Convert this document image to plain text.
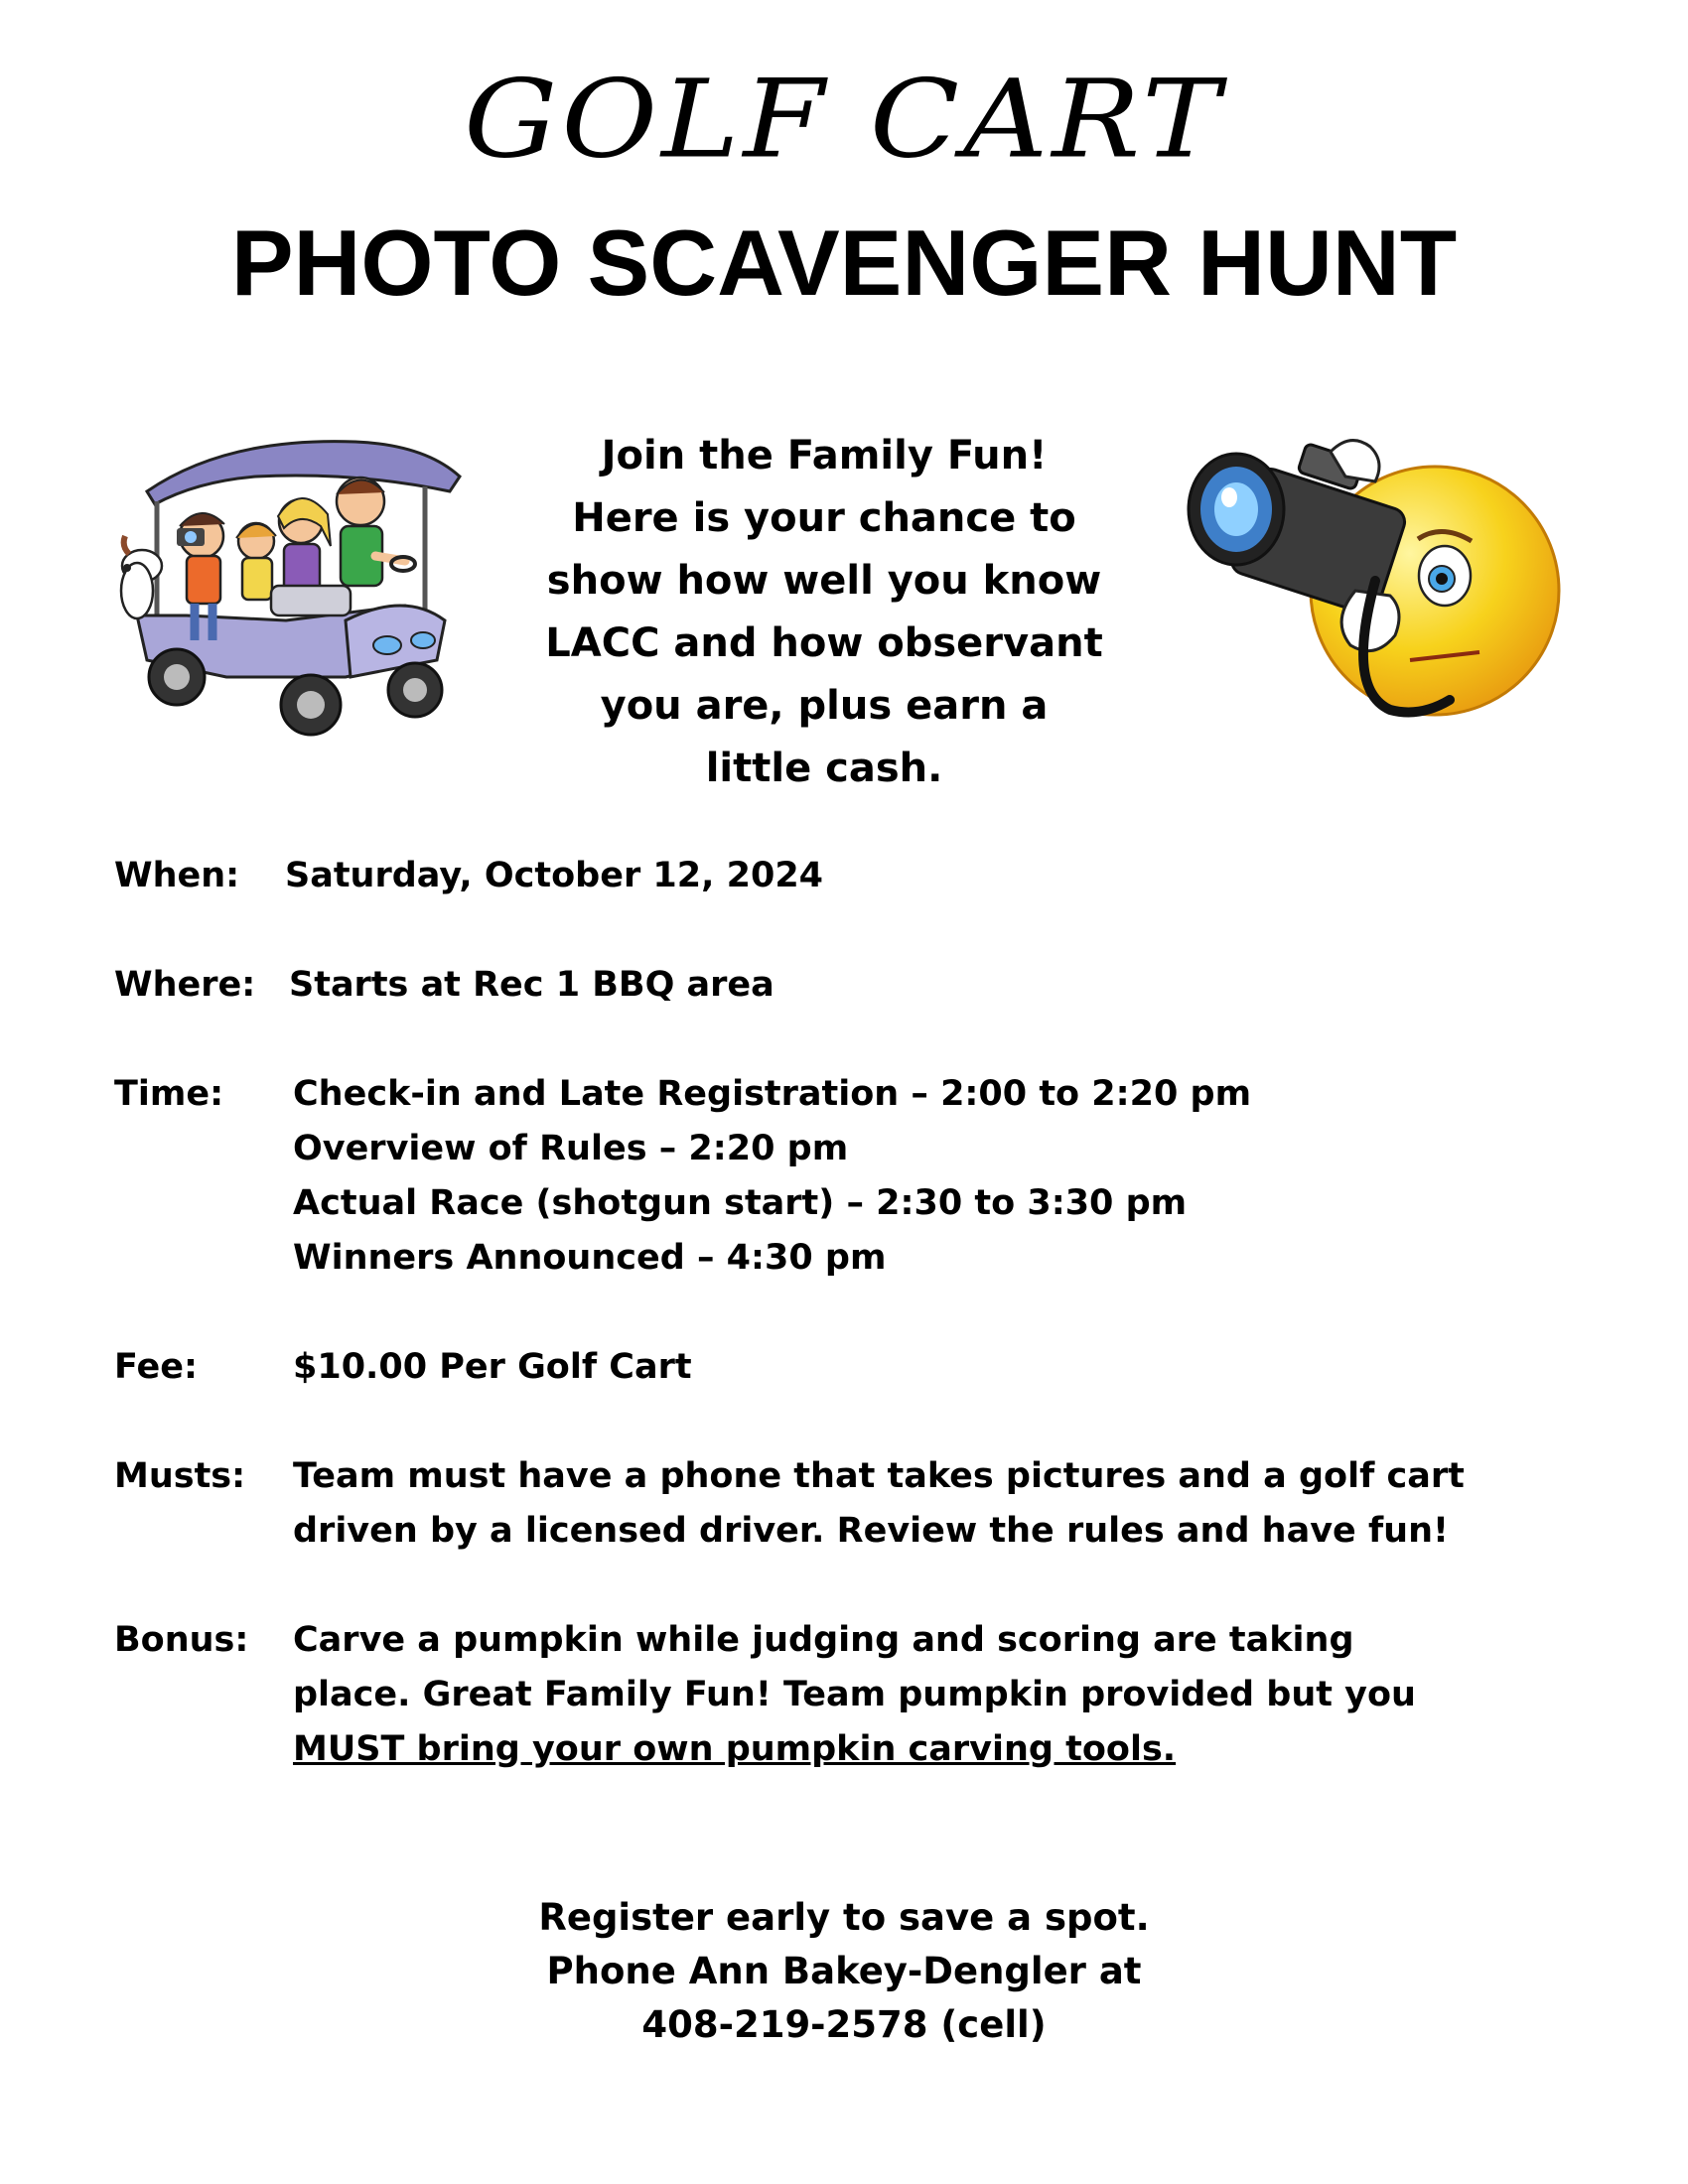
GOLF CART
PHOTO SCAVENGER HUNT
Join the Family Fun!
Here is your chance to
show how well you know
LACC and how observant
you are, plus earn a
little cash.
When:	Saturday, October 12, 2024
Where: Starts at Rec 1 BBQ area
Time:	Check-in and Late Registration – 2:00 to 2:20 pm
Overview of Rules – 2:20 pm
Actual Race (shotgun start) – 2:30 to 3:30 pm
Winners Announced – 4:30 pm
Fee:	$10.00 Per Golf Cart
Musts:	Team must have a phone that takes pictures and a golf cart
driven by a licensed driver. Review the rules and have fun!
Bonus:	Carve a pumpkin while judging and scoring are taking
place. Great Family Fun! Team pumpkin provided but you
MUST bring your own pumpkin carving tools.
Register early to save a spot.
Phone Ann Bakey-Dengler at
408-219-2578 (cell)
